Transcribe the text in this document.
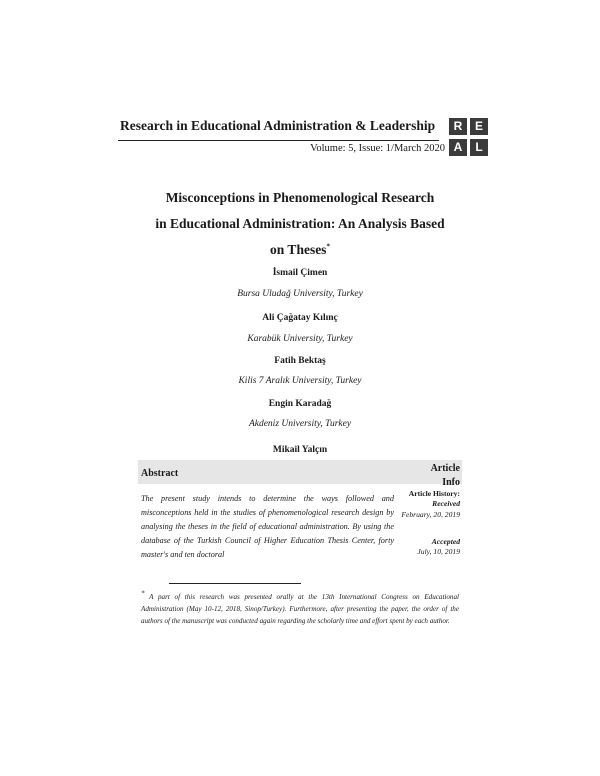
Research in Educational Administration & Leadership
Volume: 5, Issue: 1/March 2020
R	E
A	L
Misconceptions in Phenomenological Research
in Educational Administration: An Analysis Based
on Theses*
İsmail Çimen
Bursa Uludağ University, Turkey
Ali Çağatay Kılınç
Karabük University, Turkey
Fatih Bektaş
Kilis 7 Aralık University, Turkey
Engin Karadağ
Akdeniz University, Turkey
Mikail Yalçın
Abstract	Article Info
The present study intends to determine the ways followed and misconceptions held in the studies of phenomenological research design by analysing the theses in the field of educational administration. By using the database of the Turkish Council of Higher Education Thesis Center, forty master's and ten doctoral
Article History:
Received
February, 20, 2019
Accepted
July, 10, 2019
* A part of this research was presented orally at the 13th International Congress on Educational Administration (May 10-12, 2018, Sinop/Turkey). Furthermore, after presenting the paper, the order of the authors of the manuscript was conducted again regarding the scholarly time and effort spent by each author.
